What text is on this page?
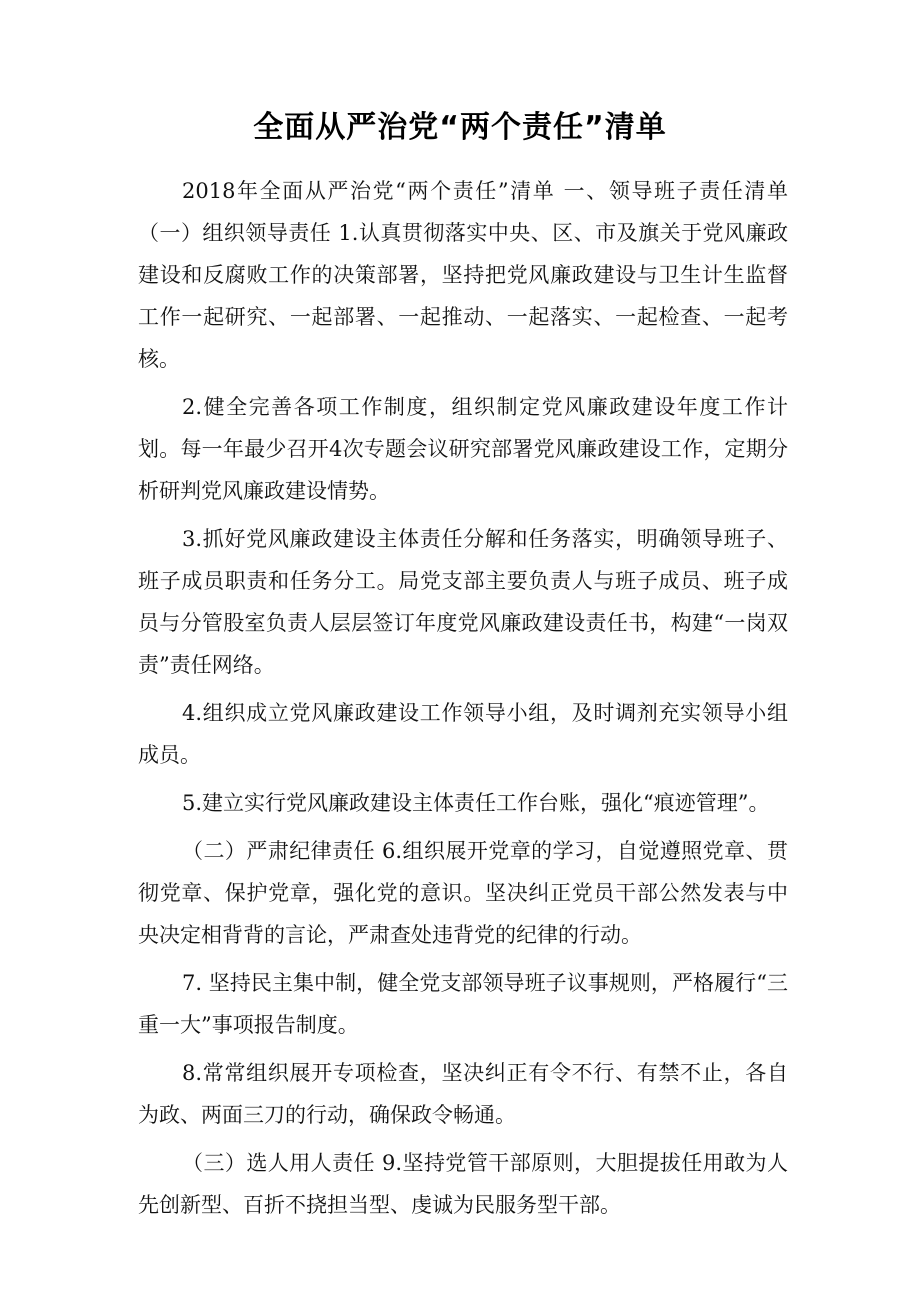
全面从严治党“两个责任”清单

2018年全面从严治党“两个责任”清单 一、领导班子责任清单（一）组织领导责任 1.认真贯彻落实中央、区、市及旗关于党风廉政建设和反腐败工作的决策部署，坚持把党风廉政建设与卫生计生监督工作一起研究、一起部署、一起推动、一起落实、一起检查、一起考核。

2.健全完善各项工作制度，组织制定党风廉政建设年度工作计划。每一年最少召开4次专题会议研究部署党风廉政建设工作，定期分析研判党风廉政建设情势。

3.抓好党风廉政建设主体责任分解和任务落实，明确领导班子、班子成员职责和任务分工。局党支部主要负责人与班子成员、班子成员与分管股室负责人层层签订年度党风廉政建设责任书，构建“一岗双责”责任网络。

4.组织成立党风廉政建设工作领导小组，及时调剂充实领导小组成员。

5.建立实行党风廉政建设主体责任工作台账，强化“痕迹管理”。

（二）严肃纪律责任 6.组织展开党章的学习，自觉遵照党章、贯彻党章、保护党章，强化党的意识。坚决纠正党员干部公然发表与中央决定相背背的言论，严肃查处违背党的纪律的行动。

7. 坚持民主集中制，健全党支部领导班子议事规则，严格履行“三重一大”事项报告制度。

8.常常组织展开专项检查，坚决纠正有令不行、有禁不止，各自为政、两面三刀的行动，确保政令畅通。

（三）选人用人责任 9.坚持党管干部原则，大胆提拔任用敢为人先创新型、百折不挠担当型、虔诚为民服务型干部。
